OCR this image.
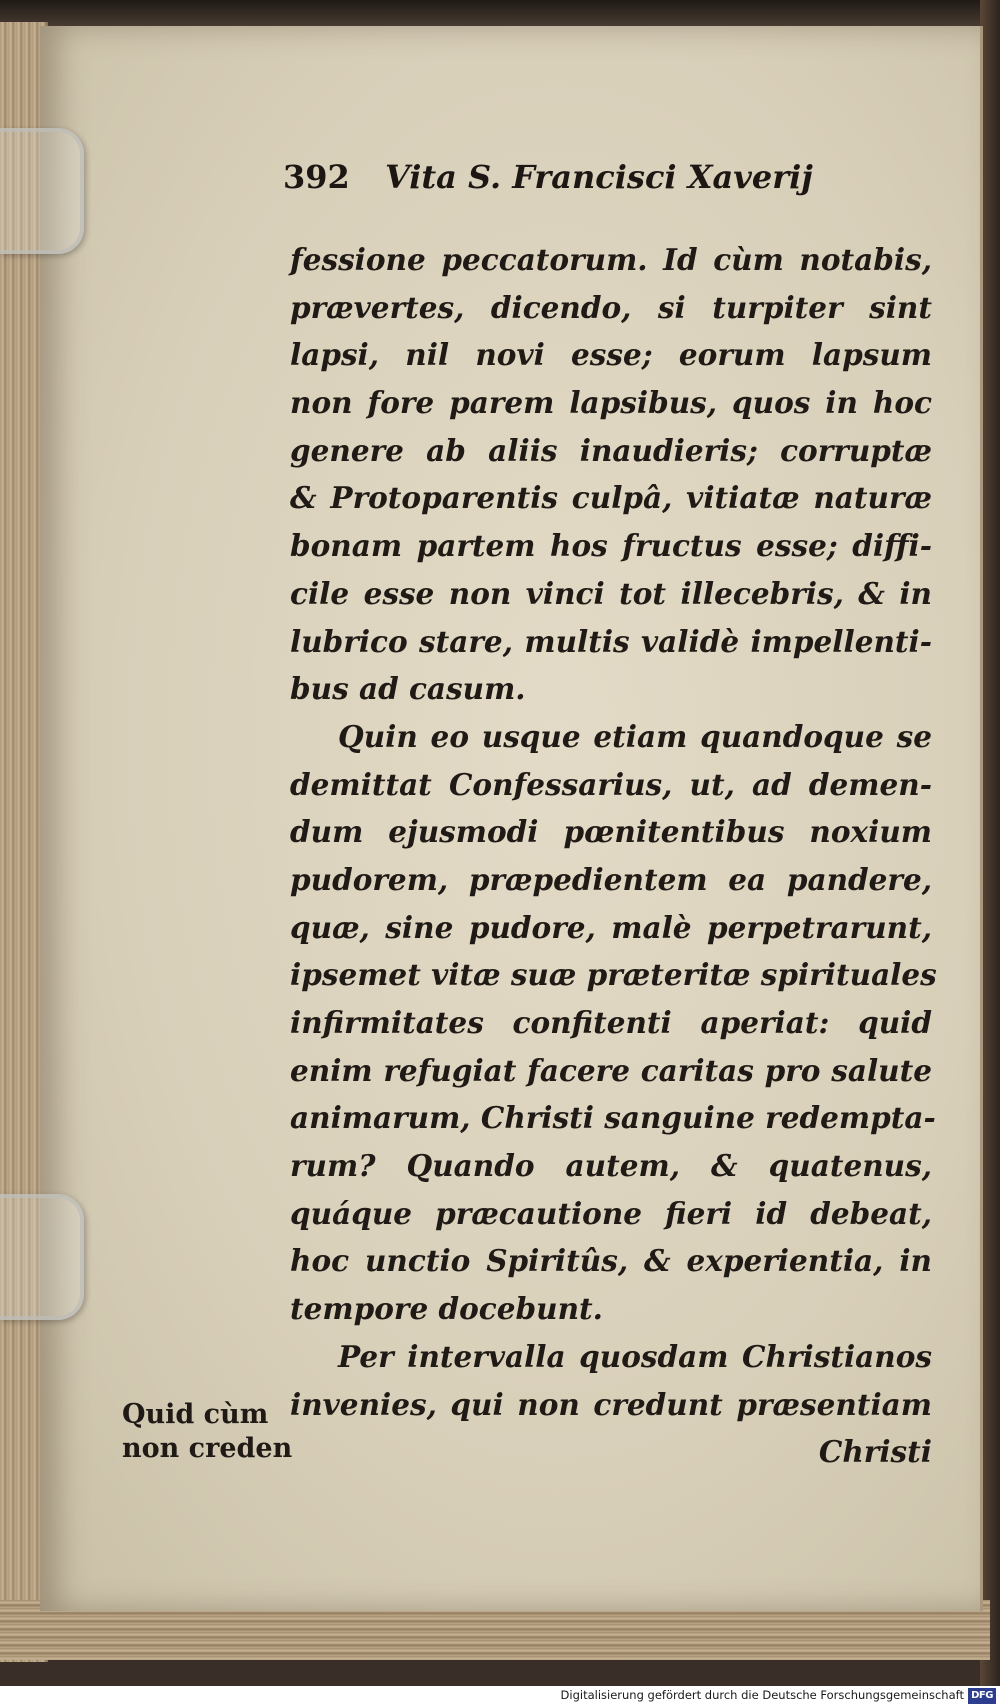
392 Vita S. Francisci Xaverij
fessione peccatorum. Id cùm notabis,
prævertes, dicendo, si turpiter sint
lapsi, nil novi esse; eorum lapsum
non fore parem lapsibus, quos in hoc
genere ab aliis inaudieris; corruptæ
& Protoparentis culpâ, vitiatæ naturæ
bonam partem hos fructus esse; diffi-
cile esse non vinci tot illecebris, & in
lubrico stare, multis validè impellenti-
bus ad casum.
Quin eo usque etiam quandoque se
demittat Confessarius, ut, ad demen-
dum ejusmodi pœnitentibus noxium
pudorem, præpedientem ea pandere,
quæ, sine pudore, malè perpetrarunt,
ipsemet vitæ suæ præteritæ spirituales
infirmitates confitenti aperiat: quid
enim refugiat facere caritas pro salute
animarum, Christi sanguine redempta-
rum? Quando autem, & quatenus,
quáque præcautione fieri id debeat,
hoc unctio Spiritûs, & experientia, in
tempore docebunt.
Per intervalla quosdam Christianos
invenies, qui non credunt præsentiam
Christi
Quid cùm
non creden
Digitalisierung gefördert durch die Deutsche Forschungsgemeinschaft DFG
